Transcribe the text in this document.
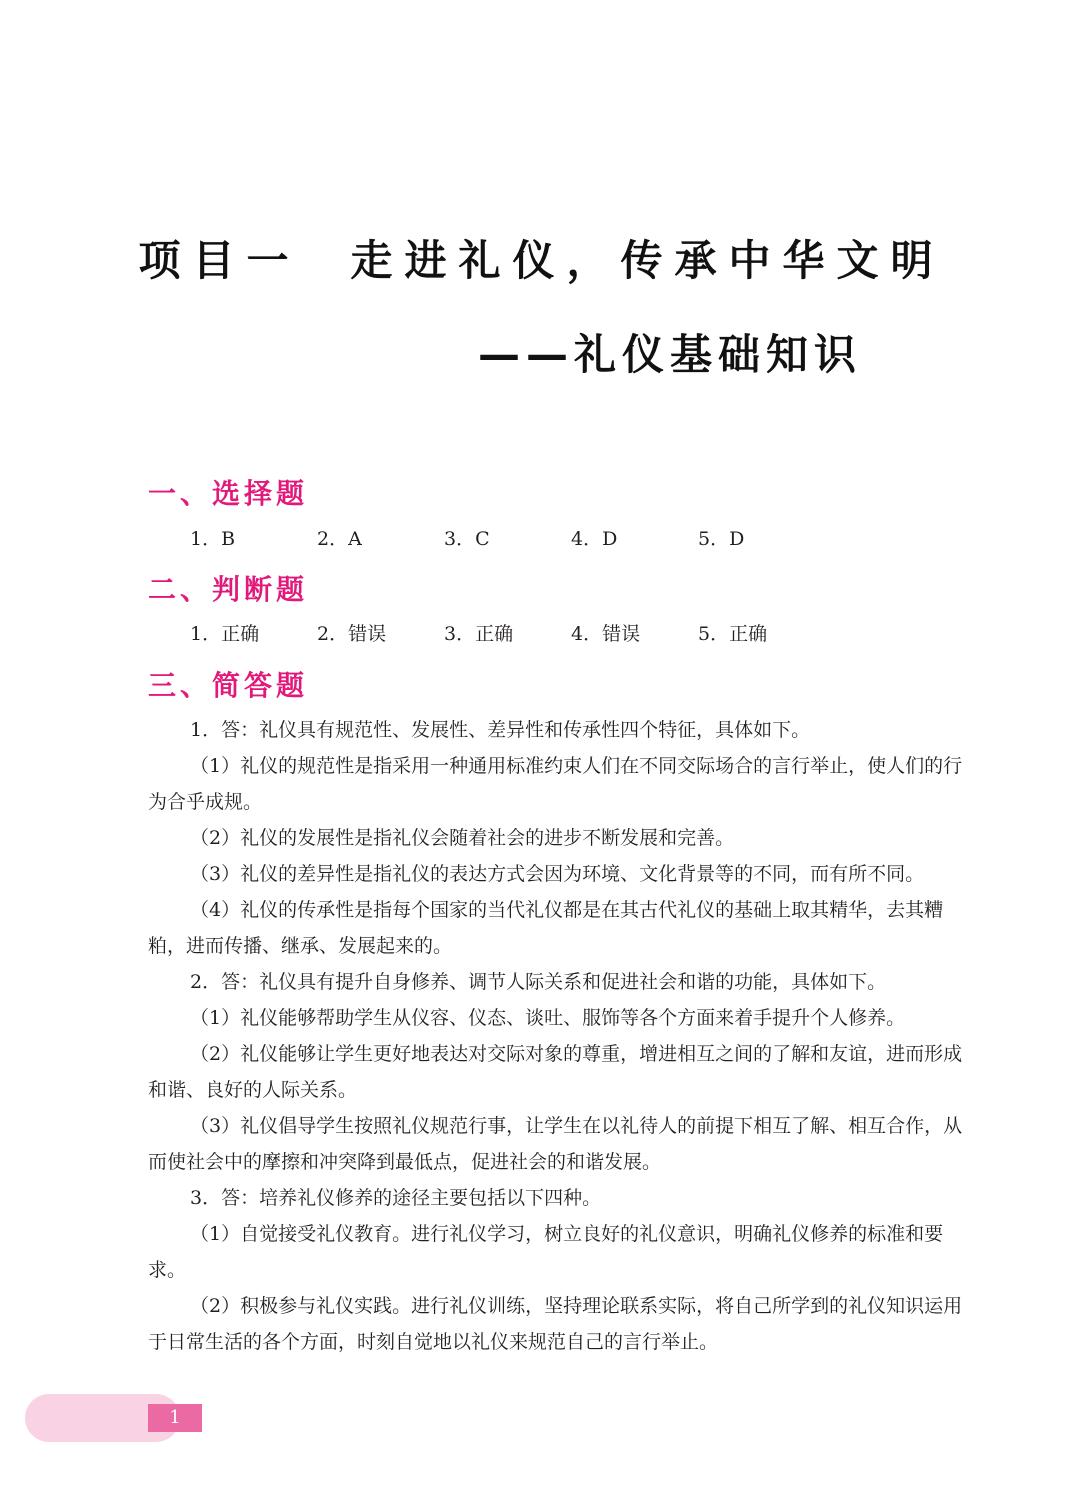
项目一 走进礼仪，传承中华文明
——礼仪基础知识
一、选择题
1．B	2．A	3．C	4．D	5．D
二、判断题
1．正确	2．错误	3．正确	4．错误	5．正确
三、简答题

1．答：礼仪具有规范性、发展性、差异性和传承性四个特征，具体如下。

（1）礼仪的规范性是指采用一种通用标准约束人们在不同交际场合的言行举止，使人们的行为合乎成规。

（2）礼仪的发展性是指礼仪会随着社会的进步不断发展和完善。

（3）礼仪的差异性是指礼仪的表达方式会因为环境、文化背景等的不同，而有所不同。

（4）礼仪的传承性是指每个国家的当代礼仪都是在其古代礼仪的基础上取其精华，去其糟粕，进而传播、继承、发展起来的。

2．答：礼仪具有提升自身修养、调节人际关系和促进社会和谐的功能，具体如下。

（1）礼仪能够帮助学生从仪容、仪态、谈吐、服饰等各个方面来着手提升个人修养。

（2）礼仪能够让学生更好地表达对交际对象的尊重，增进相互之间的了解和友谊，进而形成和谐、良好的人际关系。

（3）礼仪倡导学生按照礼仪规范行事，让学生在以礼待人的前提下相互了解、相互合作，从而使社会中的摩擦和冲突降到最低点，促进社会的和谐发展。

3．答：培养礼仪修养的途径主要包括以下四种。

（1）自觉接受礼仪教育。进行礼仪学习，树立良好的礼仪意识，明确礼仪修养的标准和要求。

（2）积极参与礼仪实践。进行礼仪训练，坚持理论联系实际，将自己所学到的礼仪知识运用于日常生活的各个方面，时刻自觉地以礼仪来规范自己的言行举止。

1
